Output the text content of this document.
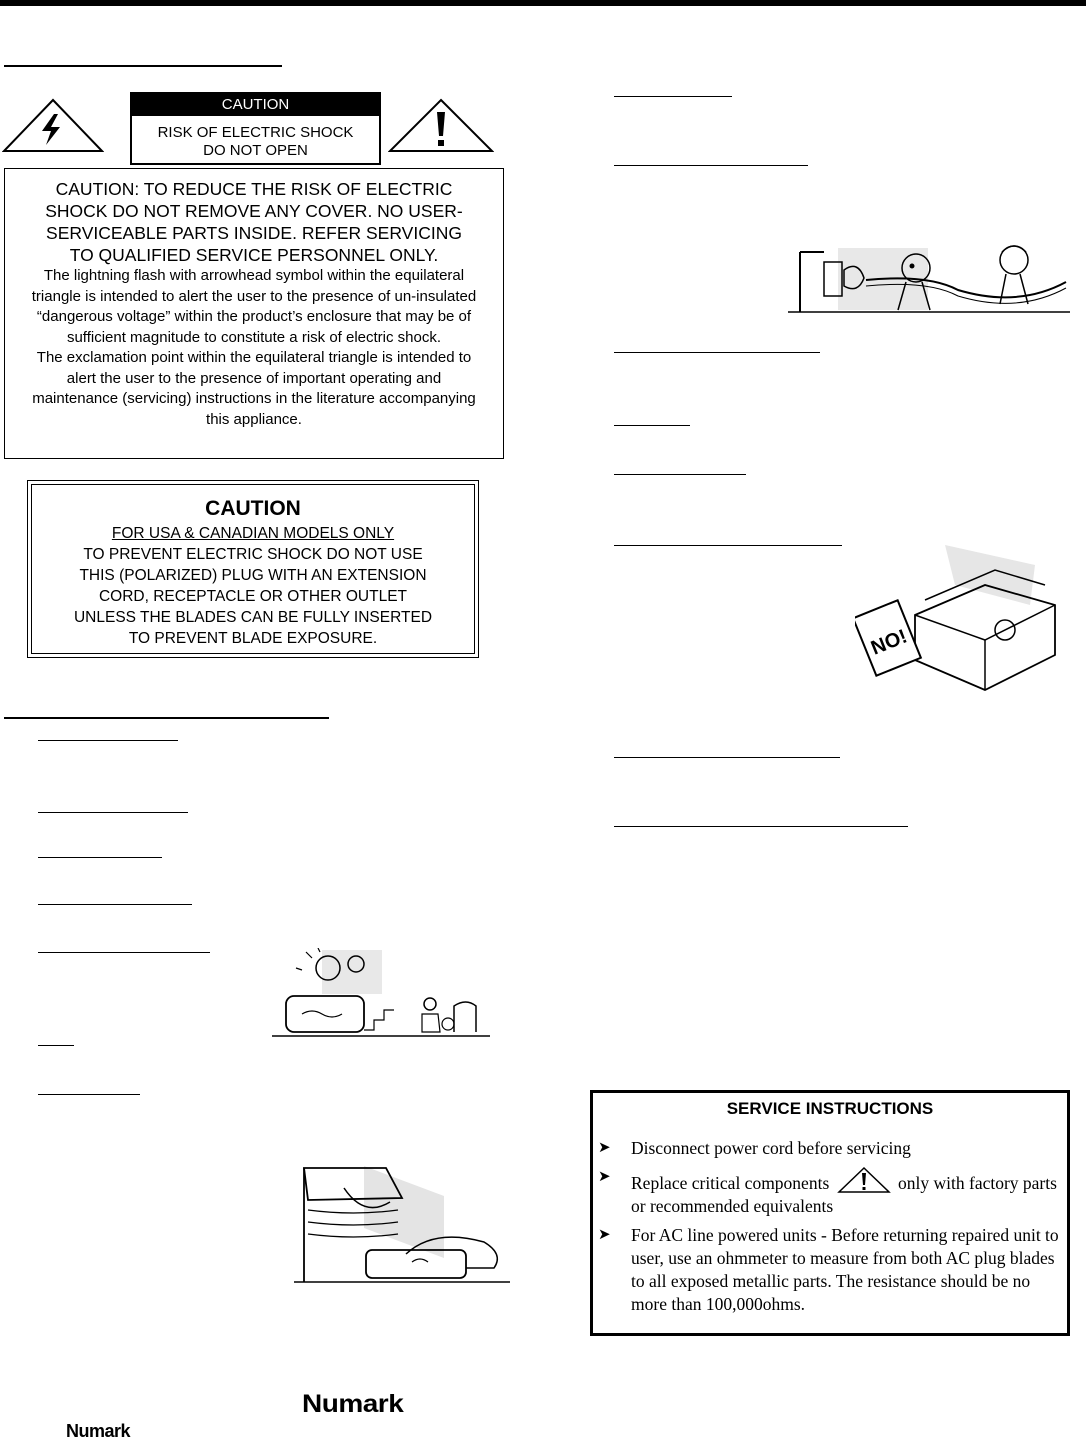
CAUTION
RISK OF ELECTRIC SHOCK
DO NOT OPEN
CAUTION: TO REDUCE THE RISK OF ELECTRIC
SHOCK DO NOT REMOVE ANY COVER. NO USER-
SERVICEABLE PARTS INSIDE. REFER SERVICING
TO QUALIFIED SERVICE PERSONNEL ONLY.
The lightning flash with arrowhead symbol within the equilateral triangle is intended to alert the user to the presence of un-insulated “dangerous voltage” within the product’s enclosure that may be of sufficient magnitude to constitute a risk of electric shock.
The exclamation point within the equilateral triangle is intended to alert the user to the presence of important operating and maintenance (servicing) instructions in the literature accompanying this appliance.
CAUTION
FOR USA & CANADIAN MODELS ONLY
TO PREVENT ELECTRIC SHOCK DO NOT USE
THIS (POLARIZED) PLUG WITH AN EXTENSION
CORD, RECEPTACLE OR OTHER OUTLET
UNLESS THE BLADES CAN BE FULLY INSERTED
TO PREVENT BLADE EXPOSURE.	NO!
SERVICE INSTRUCTIONS
➤ Disconnect power cord before servicing
➤ Replace critical components	only with factory parts or recommended equivalents
➤ For AC line powered units - Before returning repaired unit to user, use an ohmmeter to measure from both AC plug blades to all exposed metallic parts. The resistance should be no more than 100,000ohms.
Numark
Numark
